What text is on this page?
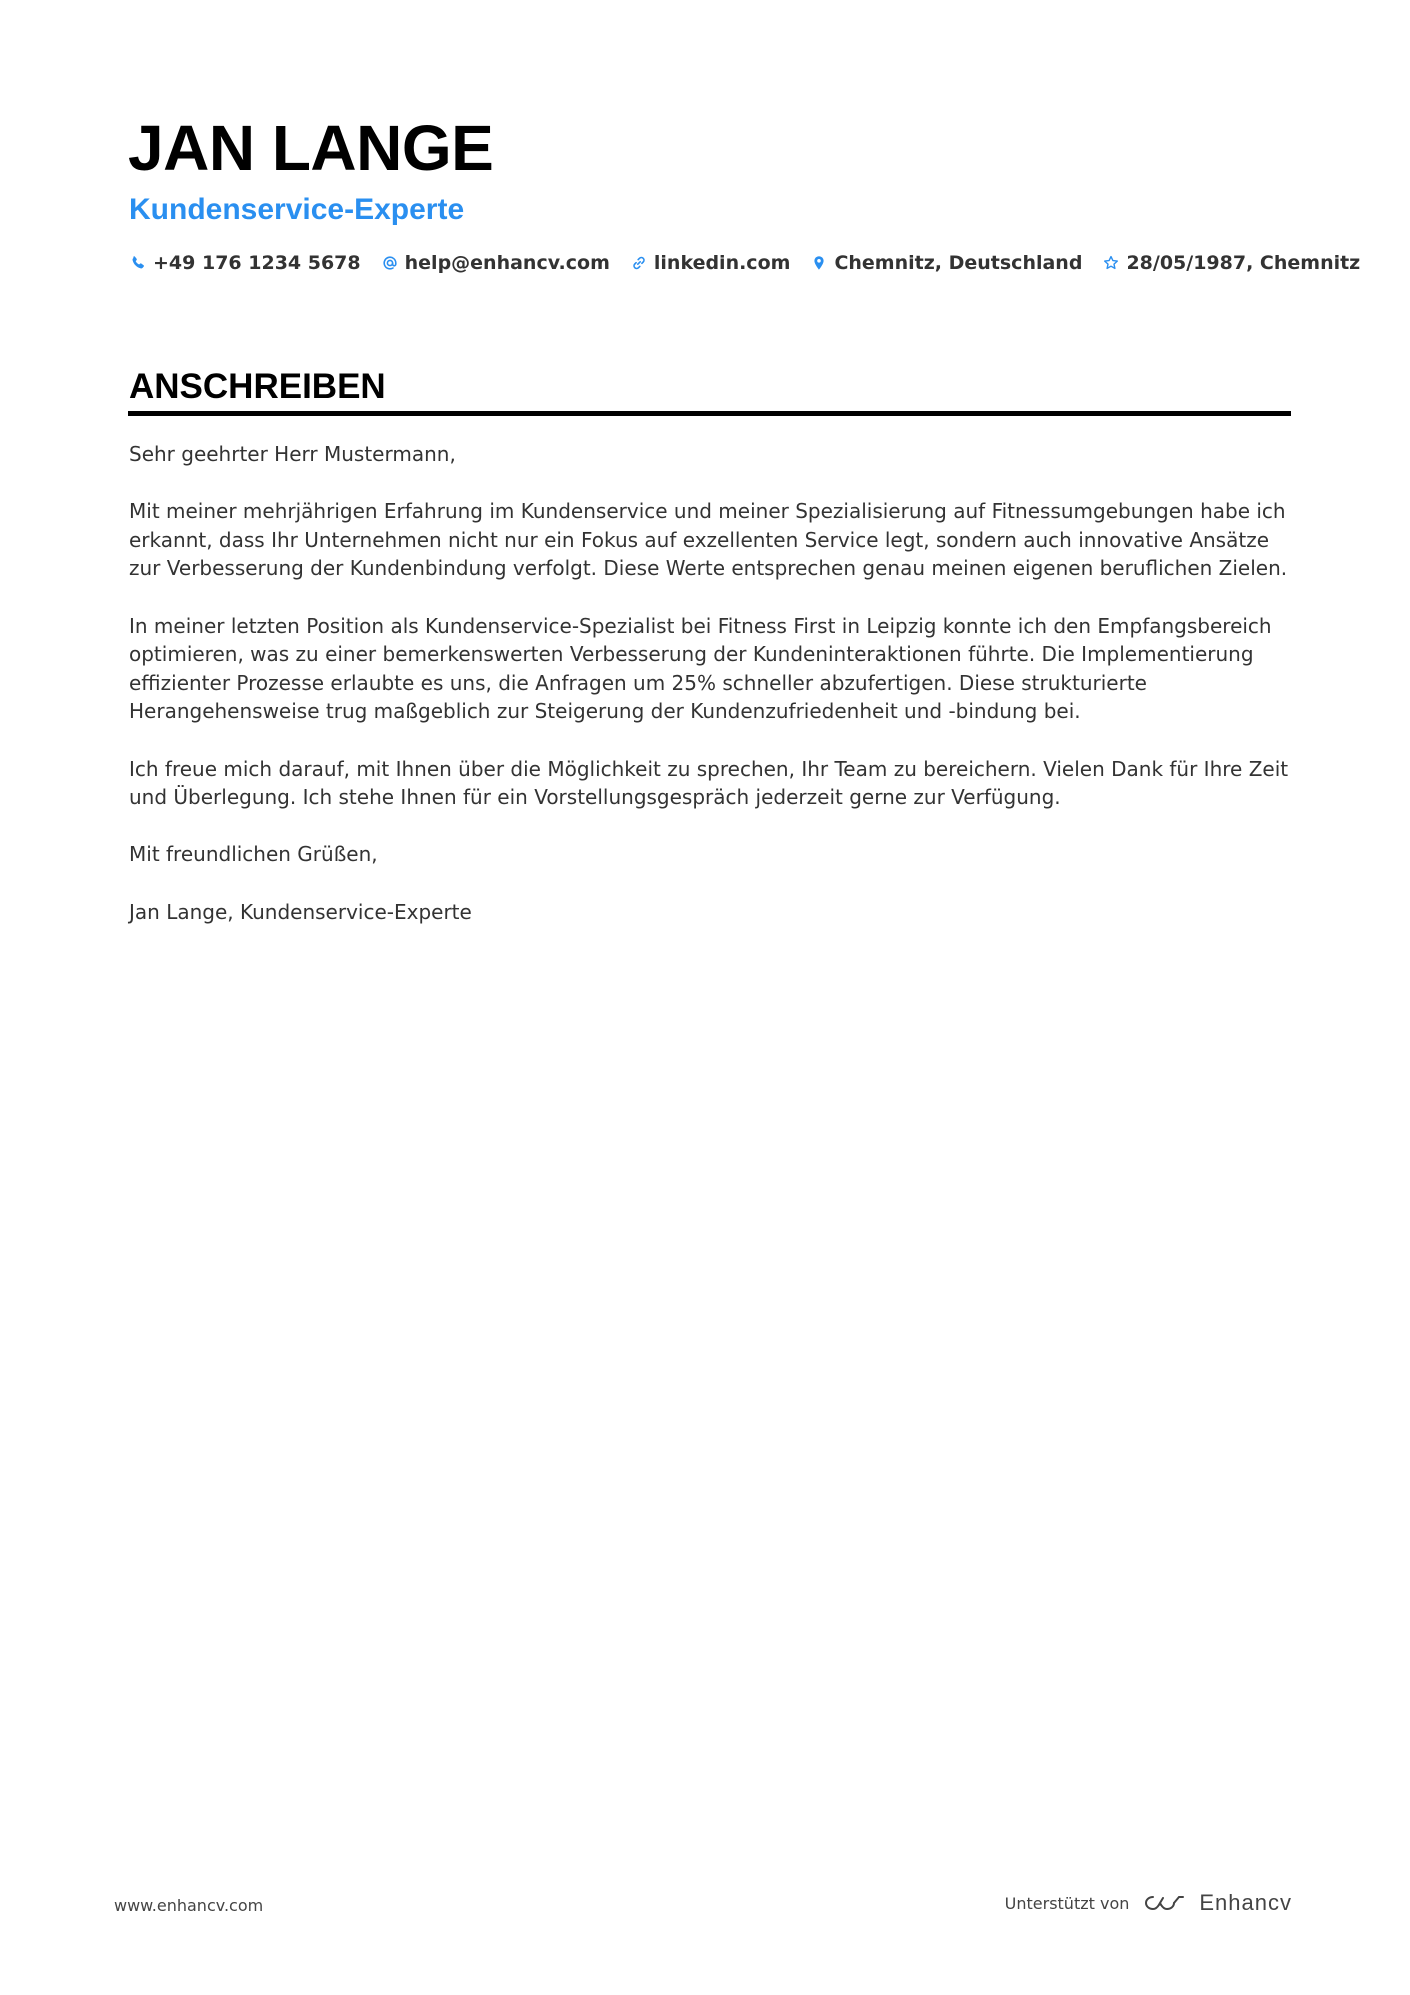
JAN LANGE
Kundenservice-Experte
+49 176 1234 5678 help@enhancv.com linkedin.com Chemnitz, Deutschland 28/05/1987, Chemnitz
ANSCHREIBEN

Sehr geehrter Herr Mustermann,

Mit meiner mehrjährigen Erfahrung im Kundenservice und meiner Spezialisierung auf Fitnessumgebungen habe ich erkannt, dass Ihr Unternehmen nicht nur ein Fokus auf exzellenten Service legt, sondern auch innovative Ansätze zur Verbesserung der Kundenbindung verfolgt. Diese Werte entsprechen genau meinen eigenen beruflichen Zielen.

In meiner letzten Position als Kundenservice-Spezialist bei Fitness First in Leipzig konnte ich den Empfangsbereich optimieren, was zu einer bemerkenswerten Verbesserung der Kundeninteraktionen führte. Die Implementierung effizienter Prozesse erlaubte es uns, die Anfragen um 25% schneller abzufertigen. Diese strukturierte Herangehensweise trug maßgeblich zur Steigerung der Kundenzufriedenheit und -bindung bei.

Ich freue mich darauf, mit Ihnen über die Möglichkeit zu sprechen, Ihr Team zu bereichern. Vielen Dank für Ihre Zeit und Überlegung. Ich stehe Ihnen für ein Vorstellungsgespräch jederzeit gerne zur Verfügung.

Mit freundlichen Grüßen,

Jan Lange, Kundenservice-Experte

www.enhancv.com	Unterstützt von	Enhancv
